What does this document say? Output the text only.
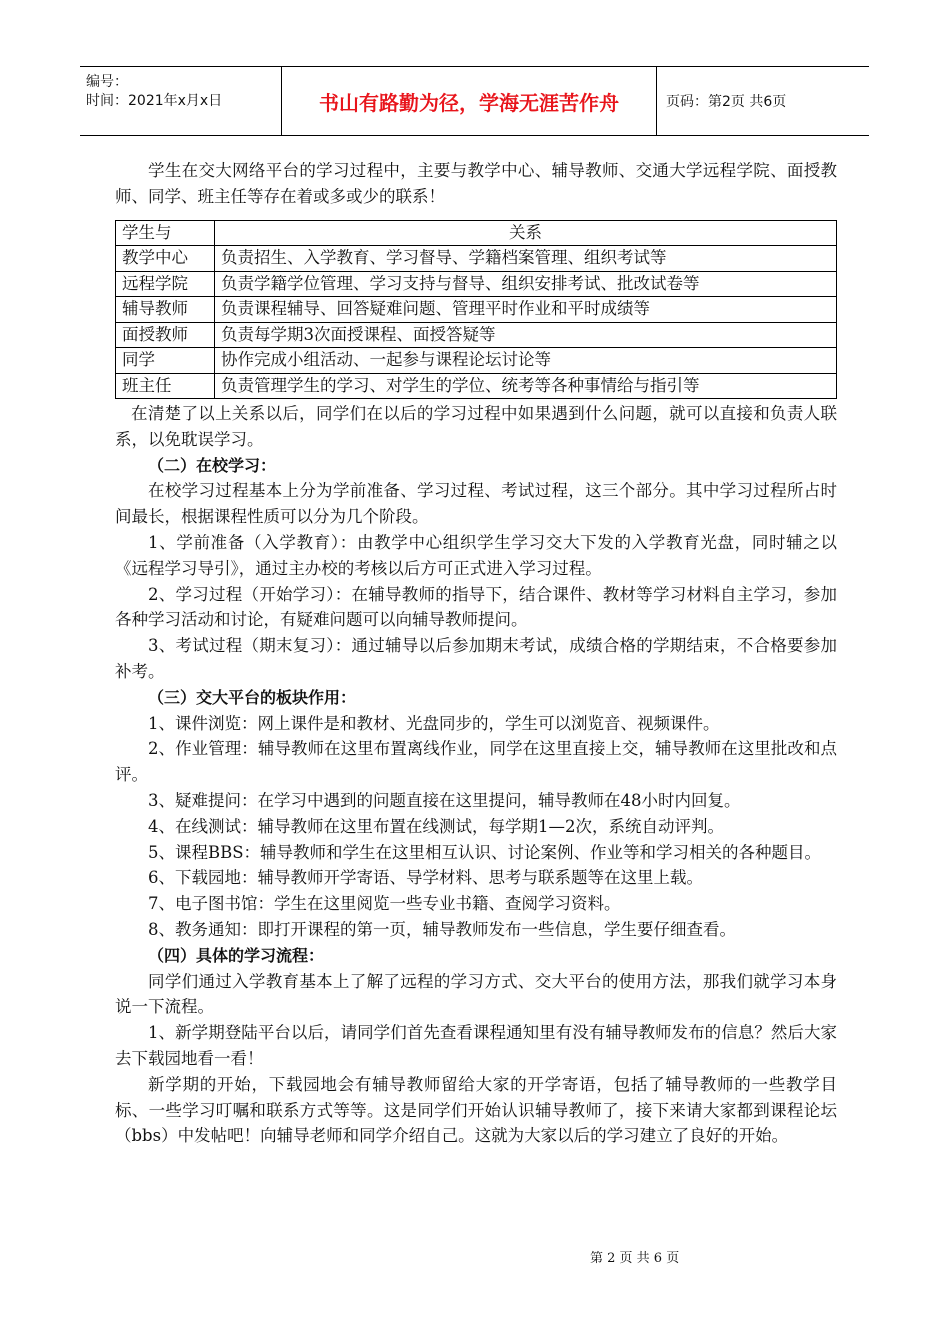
编号：
时间：2021年x月x日	书山有路勤为径，学海无涯苦作舟	页码：第2页 共6页

学生在交大网络平台的学习过程中，主要与教学中心、辅导教师、交通大学远程学院、面授教师、同学、班主任等存在着或多或少的联系！

学生与	关系
教学中心	负责招生、入学教育、学习督导、学籍档案管理、组织考试等
远程学院	负责学籍学位管理、学习支持与督导、组织安排考试、批改试卷等
辅导教师	负责课程辅导、回答疑难问题、管理平时作业和平时成绩等
面授教师	负责每学期3次面授课程、面授答疑等
同学	协作完成小组活动、一起参与课程论坛讨论等
班主任	负责管理学生的学习、对学生的学位、统考等各种事情给与指引等

在清楚了以上关系以后，同学们在以后的学习过程中如果遇到什么问题，就可以直接和负责人联系，以免耽误学习。

（二）在校学习：

在校学习过程基本上分为学前准备、学习过程、考试过程，这三个部分。其中学习过程所占时间最长，根据课程性质可以分为几个阶段。

1、学前准备（入学教育）：由教学中心组织学生学习交大下发的入学教育光盘，同时辅之以《远程学习导引》，通过主办校的考核以后方可正式进入学习过程。

2、学习过程（开始学习）：在辅导教师的指导下，结合课件、教材等学习材料自主学习，参加各种学习活动和讨论，有疑难问题可以向辅导教师提问。

3、考试过程（期末复习）：通过辅导以后参加期末考试，成绩合格的学期结束，不合格要参加补考。

（三）交大平台的板块作用：

1、课件浏览：网上课件是和教材、光盘同步的，学生可以浏览音、视频课件。

2、作业管理：辅导教师在这里布置离线作业，同学在这里直接上交，辅导教师在这里批改和点评。

3、疑难提问：在学习中遇到的问题直接在这里提问，辅导教师在48小时内回复。

4、在线测试：辅导教师在这里布置在线测试，每学期1—2次，系统自动评判。

5、课程BBS：辅导教师和学生在这里相互认识、讨论案例、作业等和学习相关的各种题目。

6、下载园地：辅导教师开学寄语、导学材料、思考与联系题等在这里上载。

7、电子图书馆：学生在这里阅览一些专业书籍、查阅学习资料。

8、教务通知：即打开课程的第一页，辅导教师发布一些信息，学生要仔细查看。

（四）具体的学习流程：

同学们通过入学教育基本上了解了远程的学习方式、交大平台的使用方法，那我们就学习本身说一下流程。

1、新学期登陆平台以后，请同学们首先查看课程通知里有没有辅导教师发布的信息？然后大家去下载园地看一看！

新学期的开始，下载园地会有辅导教师留给大家的开学寄语，包括了辅导教师的一些教学目标、一些学习叮嘱和联系方式等等。这是同学们开始认识辅导教师了，接下来请大家都到课程论坛（bbs）中发帖吧！向辅导老师和同学介绍自己。这就为大家以后的学习建立了良好的开始。

第 2 页 共 6 页
